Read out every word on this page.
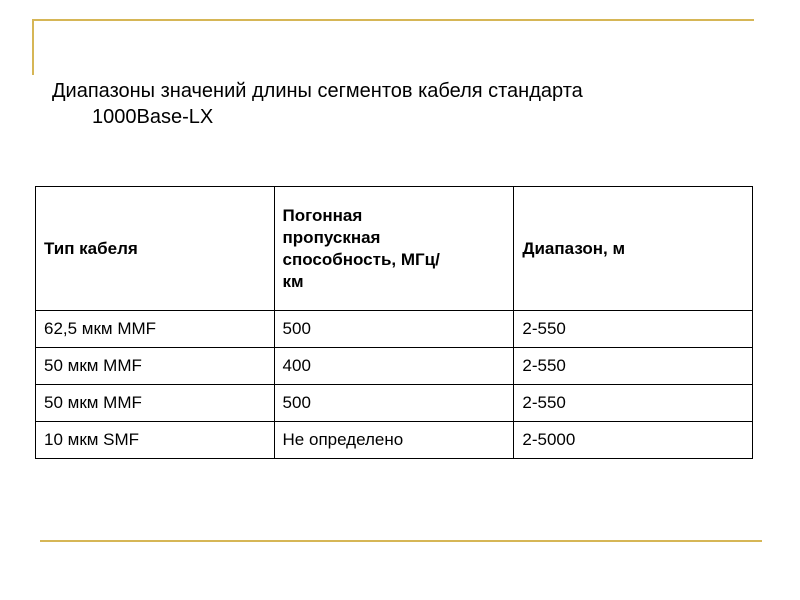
Диапазоны значений длины сегментов кабеля стандарта
1000Base-LX
Тип кабеля	Погонная пропускная способность, МГц/км	Диапазон, м
62,5 мкм MMF	500	2-550
50 мкм MMF	400	2-550
50 мкм MMF	500	2-550
10 мкм SMF	Не определено	2-5000
